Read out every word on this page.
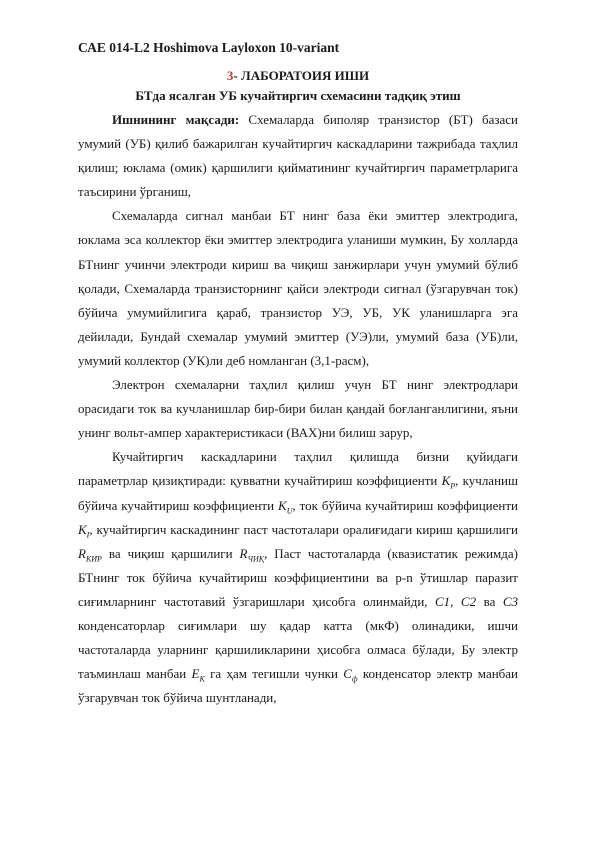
САЕ 014-L2 Hoshimova Layloxon 10-variant
3- ЛАБОРАТОИЯ ИШИ
БТда ясалган УБ кучайтиргич схемасини тадқиқ этиш

Ишнининг мақсади: Схемаларда биполяр транзистор (БТ) базаси умумий (УБ) қилиб бажарилган кучайтиргич каскадларини тажрибада таҳлил қилиш; юклама (омик) қаршилиги қийматининг кучайтиргич параметрларига таъсирини ўрганиш,

Схемаларда сигнал манбаи БТ нинг база ёки эмиттер электродига, юклама эса коллектор ёки эмиттер электродига уланиши мумкин, Бу холларда БТнинг учинчи электроди кириш ва чиқиш занжирлари учун умумий бўлиб қолади, Схемаларда транзисторнинг қайси электроди сигнал (ўзгарувчан ток) бўйича умумийлигига қараб, транзистор УЭ, УБ, УК уланишларга эга дейилади, Бундай схемалар умумий эмиттер (УЭ)ли, умумий база (УБ)ли, умумий коллектор (УК)ли деб номланган (3,1-расм),

Электрон схемаларни таҳлил қилиш учун БТ нинг электродлари орасидаги ток ва кучланишлар бир-бири билан қандай боғланганлигини, яъни унинг вольт-ампер характеристикаси (ВАХ)ни билиш зарур,

Кучайтиргич каскадларини таҳлил қилишда бизни қуйидаги параметрлар қизиқтиради: қувватни кучайтириш коэффициенти $K_P$, кучланиш бўйича кучайтириш коэффициенти $K_U$, ток бўйича кучайтириш коэффициенти $K_I$, кучайтиргич каскадининг паст частоталари оралиғидаги кириш қаршилиги $R_{КИР}$ ва чиқиш қаршилиги $R_{ЧИҚ}$, Паст частоталарда (квазистатик режимда) БТнинг ток бўйича кучайтириш коэффициентини ва p-n ўтишлар паразит сиғимларнинг частотавий ўзгаришлари ҳисобга олинмайди, С1, С2 ва С3 конденсаторлар сиғимлари шу қадар катта (мкФ) олинадики, ишчи частоталарда уларнинг қаршиликларини ҳисобга олмаса бўлади, Бу электр таъминлаш манбаи $E_K$ га ҳам тегишли чунки $C_ф$ конденсатор электр манбаи ўзгарувчан ток бўйича шунтланади,
